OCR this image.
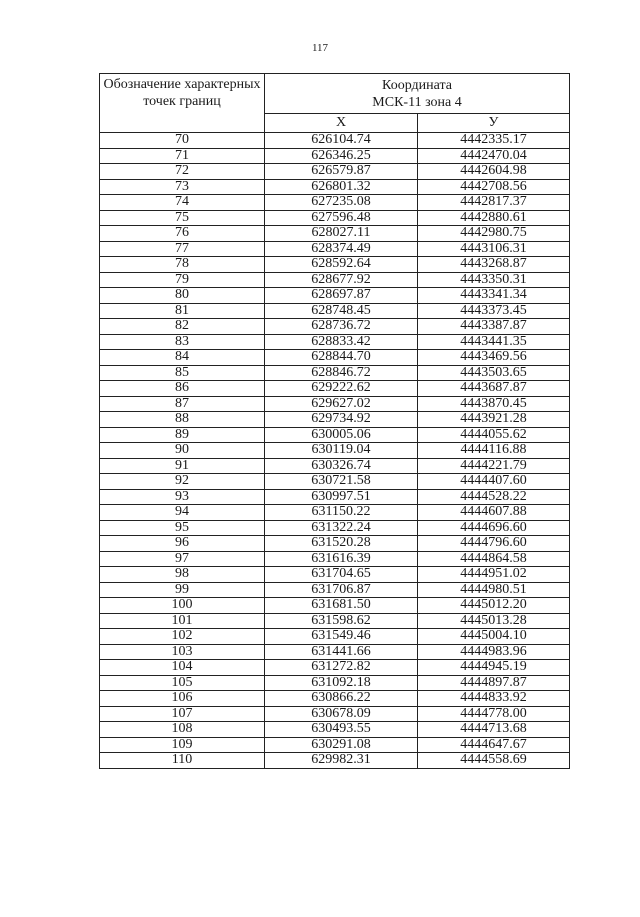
117
Обозначение характерных точек границ	Координата
МСК-11 зона 4	
	Х	У
70	626104.74	4442335.17
71	626346.25	4442470.04
72	626579.87	4442604.98
73	626801.32	4442708.56
74	627235.08	4442817.37
75	627596.48	4442880.61
76	628027.11	4442980.75
77	628374.49	4443106.31
78	628592.64	4443268.87
79	628677.92	4443350.31
80	628697.87	4443341.34
81	628748.45	4443373.45
82	628736.72	4443387.87
83	628833.42	4443441.35
84	628844.70	4443469.56
85	628846.72	4443503.65
86	629222.62	4443687.87
87	629627.02	4443870.45
88	629734.92	4443921.28
89	630005.06	4444055.62
90	630119.04	4444116.88
91	630326.74	4444221.79
92	630721.58	4444407.60
93	630997.51	4444528.22
94	631150.22	4444607.88
95	631322.24	4444696.60
96	631520.28	4444796.60
97	631616.39	4444864.58
98	631704.65	4444951.02
99	631706.87	4444980.51
100	631681.50	4445012.20
101	631598.62	4445013.28
102	631549.46	4445004.10
103	631441.66	4444983.96
104	631272.82	4444945.19
105	631092.18	4444897.87
106	630866.22	4444833.92
107	630678.09	4444778.00
108	630493.55	4444713.68
109	630291.08	4444647.67
110	629982.31	4444558.69
